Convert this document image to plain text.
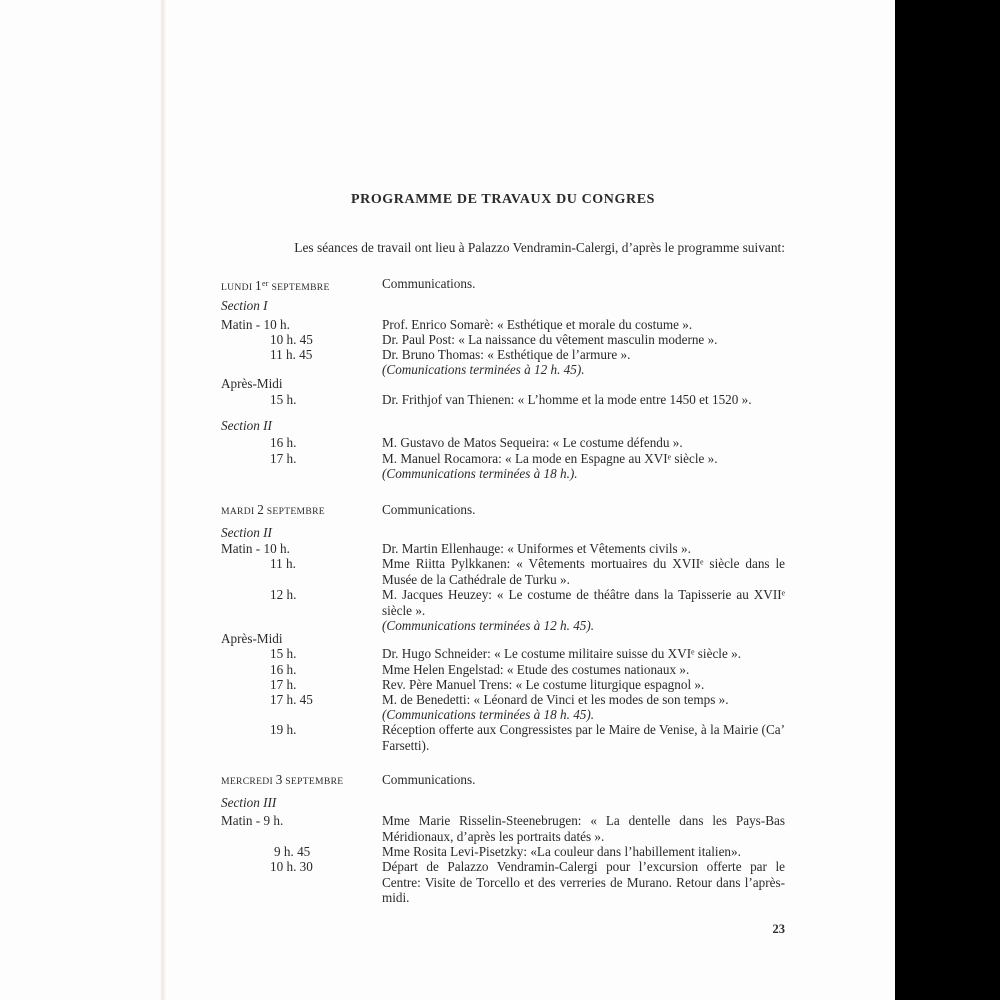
PROGRAMME DE TRAVAUX DU CONGRES
Les séances de travail ont lieu à Palazzo Vendramin-Calergi, d’après le programme suivant:
LUNDI 1er SEPTEMBRE	Communications.
Section I
Matin - 10 h.	Prof. Enrico Somarè: « Esthétique et morale du costume ».
10 h. 45	Dr. Paul Post: « La naissance du vêtement masculin moderne ».
11 h. 45	Dr. Bruno Thomas: « Esthétique de l’armure ».
(Comunications terminées à 12 h. 45).
Après-Midi
15 h.	Dr. Frithjof van Thienen: « L’homme et la mode entre 1450 et 1520 ».
Section II
16 h.	M. Gustavo de Matos Sequeira: « Le costume défendu ».
17 h.	M. Manuel Rocamora: « La mode en Espagne au XVIᵉ siècle ».
(Communications terminées à 18 h.).
MARDI 2 SEPTEMBRE	Communications.
Section II
Matin - 10 h.	Dr. Martin Ellenhauge: « Uniformes et Vêtements civils ».
11 h.	Mme Riitta Pylkkanen: « Vêtements mortuaires du XVIIᵉ siècle dans le Musée de la Cathédrale de Turku ».
12 h.	M. Jacques Heuzey: « Le costume de théâtre dans la Tapisserie au XVIIᵉ siècle ».
(Communications terminées à 12 h. 45).
Après-Midi
15 h.	Dr. Hugo Schneider: « Le costume militaire suisse du XVIᵉ siècle ».
16 h.	Mme Helen Engelstad: « Etude des costumes nationaux ».
17 h.	Rev. Père Manuel Trens: « Le costume liturgique espagnol ».
17 h. 45	M. de Benedetti: « Léonard de Vinci et les modes de son temps ».
(Communications terminées à 18 h. 45).
19 h.	Réception offerte aux Congressistes par le Maire de Venise, à la Mairie (Ca’ Farsetti).
MERCREDI 3 SEPTEMBRE	Communications.
Section III
Matin - 9 h.	Mme Marie Risselin-Steenebrugen: « La dentelle dans les Pays-Bas Méridionaux, d’après les portraits datés ».
9 h. 45	Mme Rosita Levi-Pisetzky: «La couleur dans l’habillement italien».
10 h. 30	Départ de Palazzo Vendramin-Calergi pour l’excursion offerte par le Centre: Visite de Torcello et des verreries de Murano. Retour dans l’après-midi.
23
